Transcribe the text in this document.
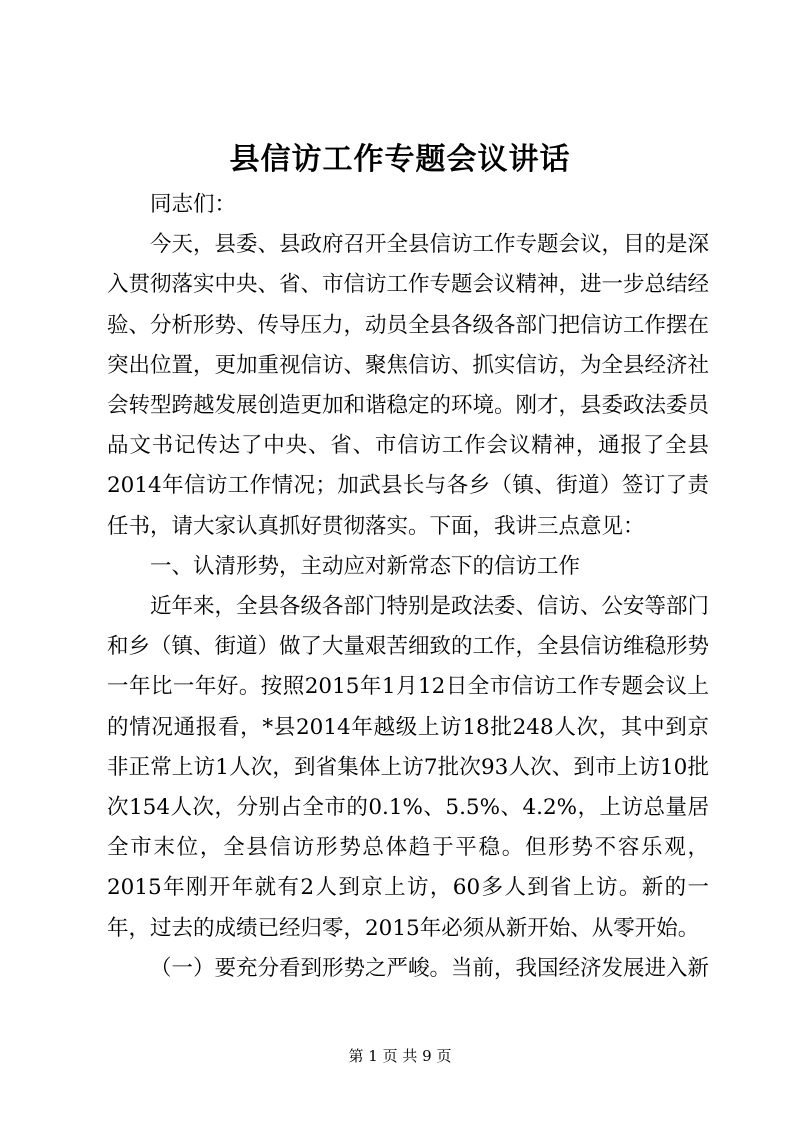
县信访工作专题会议讲话

同志们：

今天，县委、县政府召开全县信访工作专题会议，目的是深入贯彻落实中央、省、市信访工作专题会议精神，进一步总结经验、分析形势、传导压力，动员全县各级各部门把信访工作摆在突出位置，更加重视信访、聚焦信访、抓实信访，为全县经济社会转型跨越发展创造更加和谐稳定的环境。刚才，县委政法委员品文书记传达了中央、省、市信访工作会议精神，通报了全县2014年信访工作情况；加武县长与各乡（镇、街道）签订了责任书，请大家认真抓好贯彻落实。下面，我讲三点意见：

一、认清形势，主动应对新常态下的信访工作

近年来，全县各级各部门特别是政法委、信访、公安等部门和乡（镇、街道）做了大量艰苦细致的工作，全县信访维稳形势一年比一年好。按照2015年1月12日全市信访工作专题会议上的情况通报看，*县2014年越级上访18批248人次，其中到京非正常上访1人次，到省集体上访7批次93人次、到市上访10批次154人次，分别占全市的0.1%、5.5%、4.2%，上访总量居全市末位，全县信访形势总体趋于平稳。但形势不容乐观，2015年刚开年就有2人到京上访，60多人到省上访。新的一年，过去的成绩已经归零，2015年必须从新开始、从零开始。

（一）要充分看到形势之严峻。当前，我国经济发展进入新

第 1 页 共 9 页
